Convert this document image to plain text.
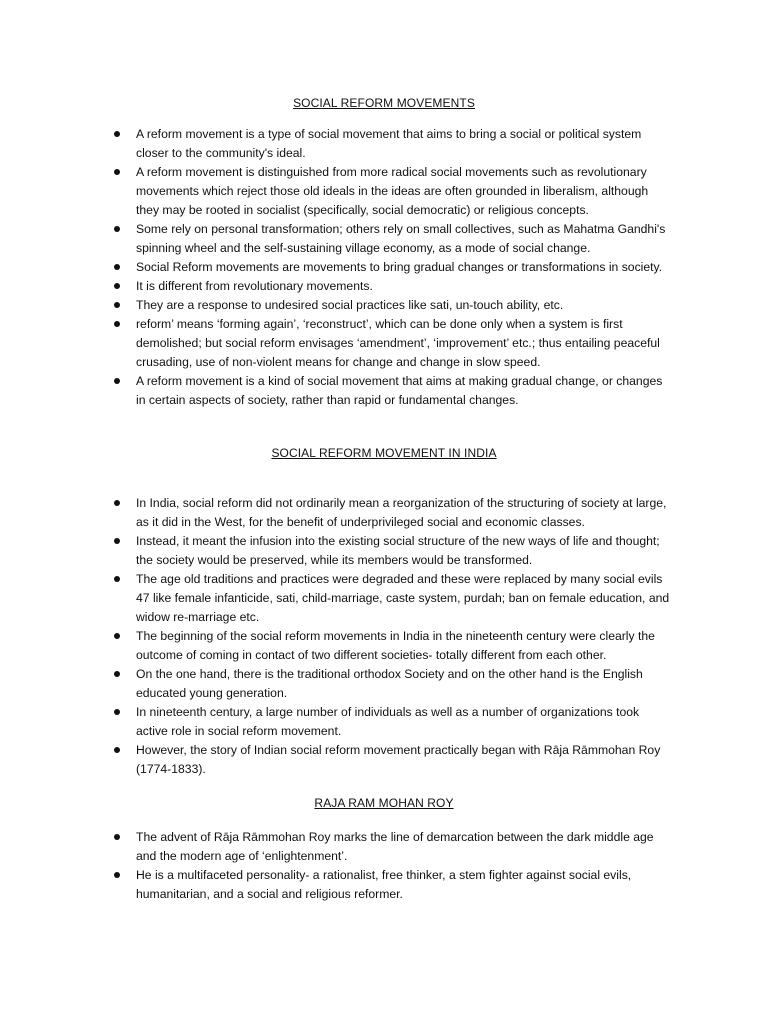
SOCIAL REFORM MOVEMENTS
A reform movement is a type of social movement that aims to bring a social or political system closer to the community's ideal.
A reform movement is distinguished from more radical social movements such as revolutionary movements which reject those old ideals in the ideas are often grounded in liberalism, although they may be rooted in socialist (specifically, social democratic) or religious concepts.
Some rely on personal transformation; others rely on small collectives, such as Mahatma Gandhi's spinning wheel and the self-sustaining village economy, as a mode of social change.
Social Reform movements are movements to bring gradual changes or transformations in society.
It is different from revolutionary movements.
They are a response to undesired social practices like sati, un-touch ability, etc.
reform’ means ‘forming again’, ‘reconstruct’, which can be done only when a system is first demolished; but social reform envisages ‘amendment’, ‘improvement’ etc.; thus entailing peaceful crusading, use of non-violent means for change and change in slow speed.
A reform movement is a kind of social movement that aims at making gradual change, or changes in certain aspects of society, rather than rapid or fundamental changes.
SOCIAL REFORM MOVEMENT IN INDIA
In India, social reform did not ordinarily mean a reorganization of the structuring of society at large, as it did in the West, for the benefit of underprivileged social and economic classes.
Instead, it meant the infusion into the existing social structure of the new ways of life and thought; the society would be preserved, while its members would be transformed.
The age old traditions and practices were degraded and these were replaced by many social evils 47 like female infanticide, sati, child-marriage, caste system, purdah; ban on female education, and widow re-marriage etc.
The beginning of the social reform movements in India in the nineteenth century were clearly the outcome of coming in contact of two different societies- totally different from each other.
On the one hand, there is the traditional orthodox Society and on the other hand is the English educated young generation.
In nineteenth century, a large number of individuals as well as a number of organizations took active role in social reform movement.
However, the story of Indian social reform movement practically began with Rāja Rāmmohan Roy (1774-1833).
RAJA RAM MOHAN ROY
The advent of Rāja Rāmmohan Roy marks the line of demarcation between the dark middle age and the modern age of ‘enlightenment’.
He is a multifaceted personality- a rationalist, free thinker, a stem fighter against social evils, humanitarian, and a social and religious reformer.
